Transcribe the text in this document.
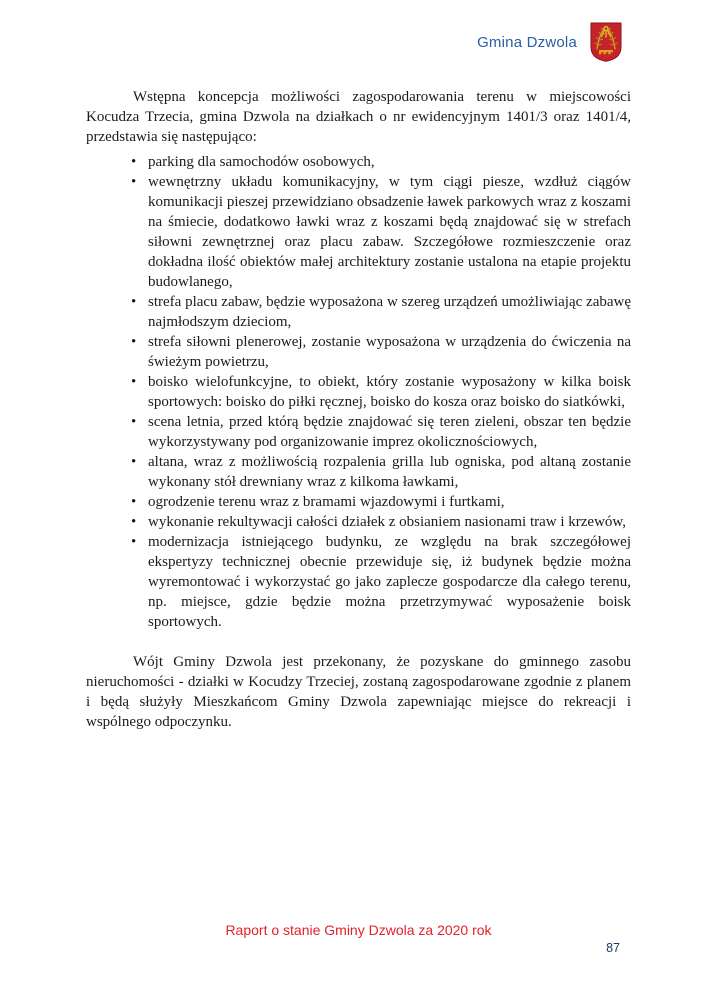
Gmina Dzwola

Wstępna koncepcja możliwości zagospodarowania terenu w miejscowości Kocudza Trzecia, gmina Dzwola na działkach o nr ewidencyjnym 1401/3 oraz 1401/4, przedstawia się następująco:

• parking dla samochodów osobowych,
• wewnętrzny układu komunikacyjny, w tym ciągi piesze, wzdłuż ciągów komunikacji pieszej przewidziano obsadzenie ławek parkowych wraz z koszami na śmiecie, dodatkowo ławki wraz z koszami będą znajdować się w strefach siłowni zewnętrznej oraz placu zabaw. Szczegółowe rozmieszczenie oraz dokładna ilość obiektów małej architektury zostanie ustalona na etapie projektu budowlanego,
• strefa placu zabaw, będzie wyposażona w szereg urządzeń umożliwiając zabawę najmłodszym dzieciom,
• strefa siłowni plenerowej, zostanie wyposażona w urządzenia do ćwiczenia na świeżym powietrzu,
• boisko wielofunkcyjne, to obiekt, który zostanie wyposażony w kilka boisk sportowych: boisko do piłki ręcznej, boisko do kosza oraz boisko do siatkówki,
• scena letnia, przed którą będzie znajdować się teren zieleni, obszar ten będzie wykorzystywany pod organizowanie imprez okolicznościowych,
• altana, wraz z możliwością rozpalenia grilla lub ogniska, pod altaną zostanie wykonany stół drewniany wraz z kilkoma ławkami,
• ogrodzenie terenu wraz z bramami wjazdowymi i furtkami,
• wykonanie rekultywacji całości działek z obsianiem nasionami traw i krzewów,
• modernizacja istniejącego budynku, ze względu na brak szczegółowej ekspertyzy technicznej obecnie przewiduje się, iż budynek będzie można wyremontować i wykorzystać go jako zaplecze gospodarcze dla całego terenu, np. miejsce, gdzie będzie można przetrzymywać wyposażenie boisk sportowych.

Wójt Gminy Dzwola jest przekonany, że pozyskane do gminnego zasobu nieruchomości - działki w Kocudzy Trzeciej, zostaną zagospodarowane zgodnie z planem i będą służyły Mieszkańcom Gminy Dzwola zapewniając miejsce do rekreacji i wspólnego odpoczynku.

Raport o stanie Gminy Dzwola za 2020 rok
87
